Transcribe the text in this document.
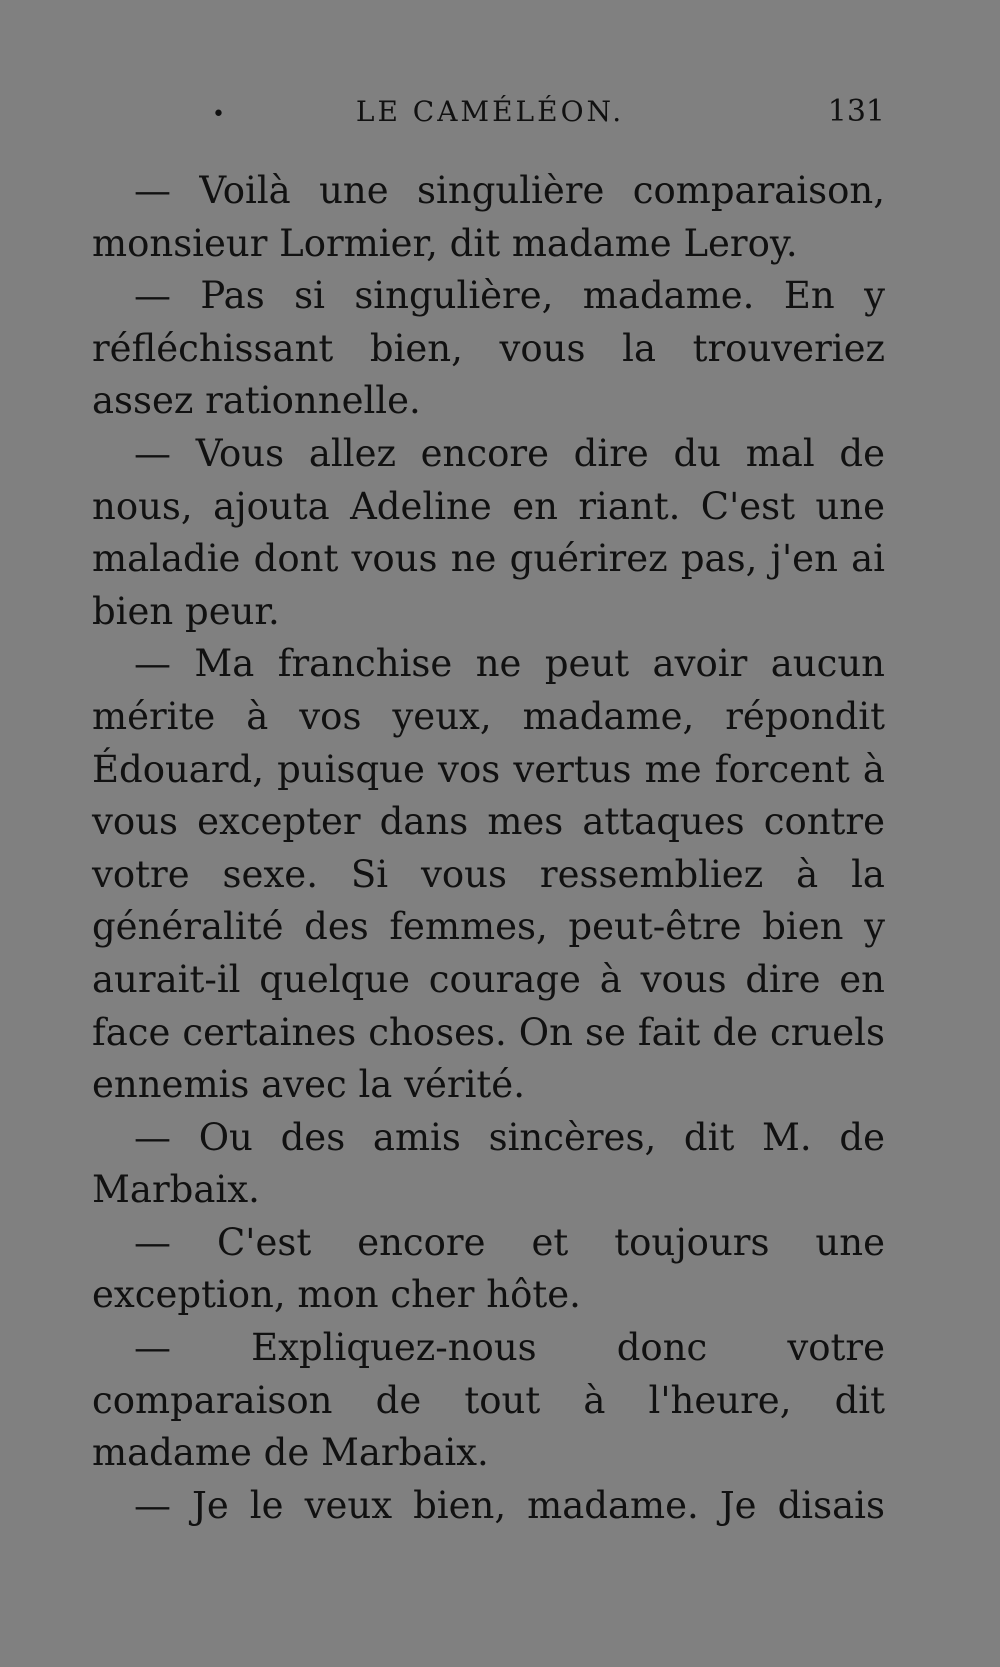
•	LE CAMÉLÉON.	131

— Voilà une singulière comparaison, monsieur Lormier, dit madame Leroy.

— Pas si singulière, madame. En y réfléchissant bien, vous la trouveriez assez rationnelle.

— Vous allez encore dire du mal de nous, ajouta Adeline en riant. C'est une maladie dont vous ne guérirez pas, j'en ai bien peur.

— Ma franchise ne peut avoir aucun mérite à vos yeux, madame, répondit Édouard, puisque vos vertus me forcent à vous excepter dans mes attaques contre votre sexe. Si vous ressembliez à la généralité des femmes, peut-être bien y aurait-il quelque courage à vous dire en face certaines choses. On se fait de cruels ennemis avec la vérité.

— Ou des amis sincères, dit M. de Marbaix.

— C'est encore et toujours une exception, mon cher hôte.

— Expliquez-nous donc votre comparaison de tout à l'heure, dit madame de Marbaix.

— Je le veux bien, madame. Je disais
